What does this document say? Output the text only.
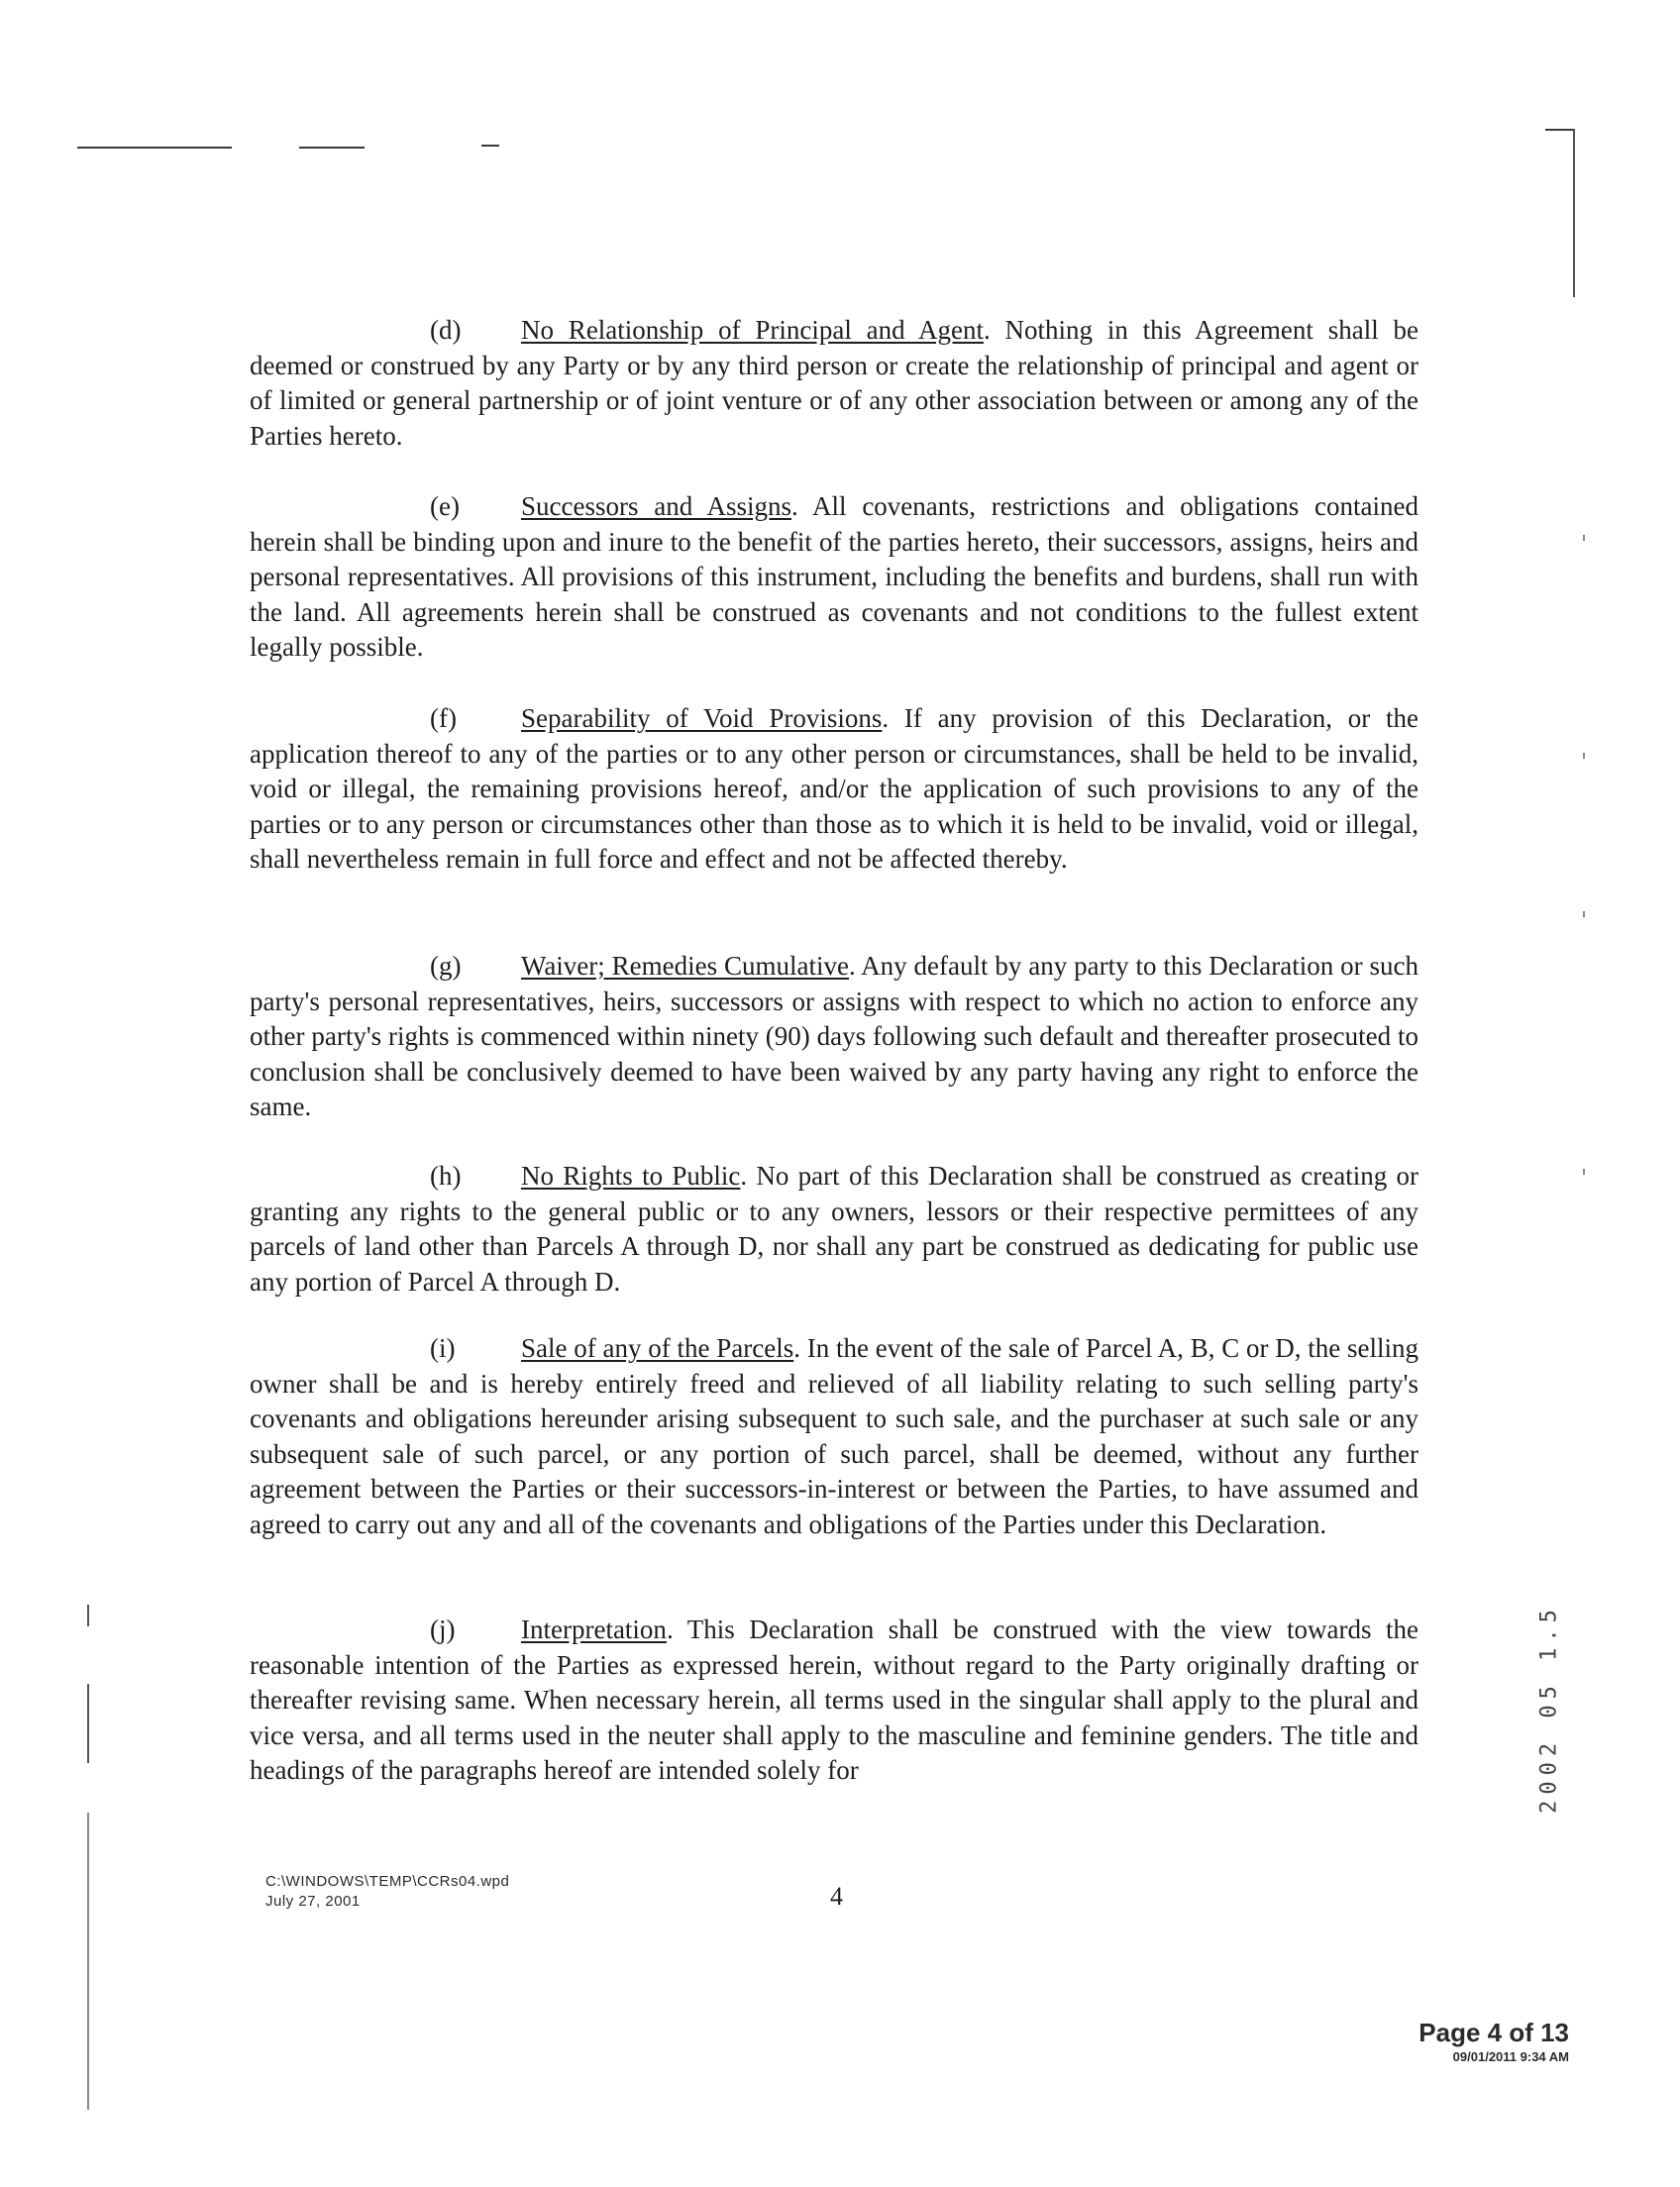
(d) No Relationship of Principal and Agent. Nothing in this Agreement shall be deemed or construed by any Party or by any third person or create the relationship of principal and agent or of limited or general partnership or of joint venture or of any other association between or among any of the Parties hereto.
(e) Successors and Assigns. All covenants, restrictions and obligations contained herein shall be binding upon and inure to the benefit of the parties hereto, their successors, assigns, heirs and personal representatives. All provisions of this instrument, including the benefits and burdens, shall run with the land. All agreements herein shall be construed as covenants and not conditions to the fullest extent legally possible.
(f) Separability of Void Provisions. If any provision of this Declaration, or the application thereof to any of the parties or to any other person or circumstances, shall be held to be invalid, void or illegal, the remaining provisions hereof, and/or the application of such provisions to any of the parties or to any person or circumstances other than those as to which it is held to be invalid, void or illegal, shall nevertheless remain in full force and effect and not be affected thereby.
(g) Waiver; Remedies Cumulative. Any default by any party to this Declaration or such party's personal representatives, heirs, successors or assigns with respect to which no action to enforce any other party's rights is commenced within ninety (90) days following such default and thereafter prosecuted to conclusion shall be conclusively deemed to have been waived by any party having any right to enforce the same.
(h) No Rights to Public. No part of this Declaration shall be construed as creating or granting any rights to the general public or to any owners, lessors or their respective permittees of any parcels of land other than Parcels A through D, nor shall any part be construed as dedicating for public use any portion of Parcel A through D.
(i) Sale of any of the Parcels. In the event of the sale of Parcel A, B, C or D, the selling owner shall be and is hereby entirely freed and relieved of all liability relating to such selling party's covenants and obligations hereunder arising subsequent to such sale, and the purchaser at such sale or any subsequent sale of such parcel, or any portion of such parcel, shall be deemed, without any further agreement between the Parties or their successors-in-interest or between the Parties, to have assumed and agreed to carry out any and all of the covenants and obligations of the Parties under this Declaration.
(j) Interpretation. This Declaration shall be construed with the view towards the reasonable intention of the Parties as expressed herein, without regard to the Party originally drafting or thereafter revising same. When necessary herein, all terms used in the singular shall apply to the plural and vice versa, and all terms used in the neuter shall apply to the masculine and feminine genders. The title and headings of the paragraphs hereof are intended solely for
C:\WINDOWS\TEMP\CCRs04.wpd
July 27, 2001	4
2002 05 1.5
Page 4 of 13
09/01/2011 9:34 AM
